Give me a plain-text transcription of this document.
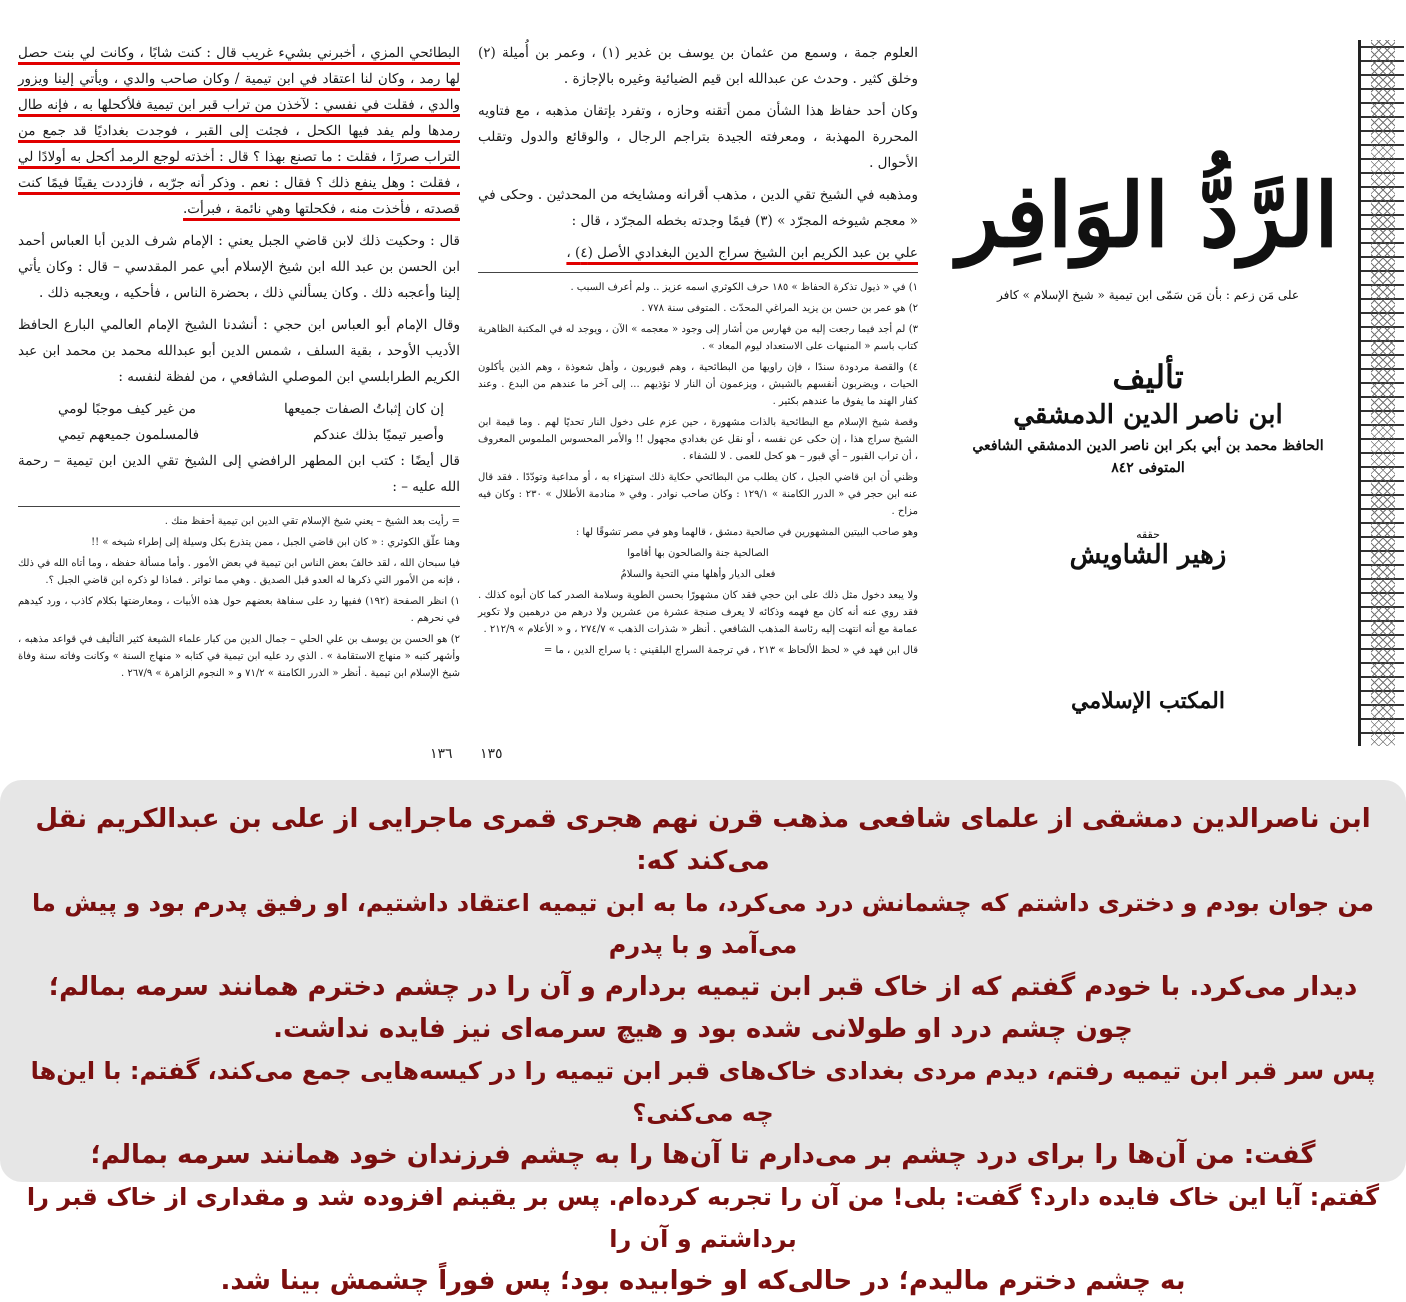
البطائحي المزي ، أخبرني بشيء غريب قال : كنت شابًا ، وكانت لي بنت حصل لها رمد ، وكان لنا اعتقاد في ابن تيمية / وكان صاحب والدي ، ويأتي إلينا ويزور والدي ، فقلت في نفسي : لآخذن من تراب قبر ابن تيمية فلأكحلها به ، فإنه طال رمدها ولم يفد فيها الكحل ، فجئت إلى القبر ، فوجدت بغداديًا قد جمع من التراب صررًا ، فقلت : ما تصنع بهذا ؟ قال : أخذته لوجع الرمد أكحل به أولادًا لي ، فقلت : وهل ينفع ذلك ؟ فقال : نعم . وذكر أنه جرّبه ، فازددت يقينًا فيمًا كنت قصدته ، فأخذت منه ، فكحلتها وهي نائمة ، فبرأت.

قال : وحكيت ذلك لابن قاضي الجبل يعني : الإمام شرف الدين أبا العباس أحمد ابن الحسن بن عبد الله ابن شيخ الإسلام أبي عمر المقدسي – قال : وكان يأتي إلينا وأعجبه ذلك . وكان يسألني ذلك ، بحضرة الناس ، فأحكيه ، ويعجبه ذلك .

وقال الإمام أبو العباس ابن حجي : أنشدنا الشيخ الإمام العالمي البارع الحافظ الأديب الأوحد ، بقية السلف ، شمس الدين أبو عبدالله محمد بن محمد ابن عبد الكريم الطرابلسي ابن الموصلي الشافعي ، من لفظة لنفسه :

إن كان إثباتُ الصفات جميعها
من غير كيف موجبًا لومي
وأصير تيميًا بذلك عندكم
فالمسلمون جميعهم تيمي

قال أيضًا : كتب ابن المطهر الرافضي إلى الشيخ تقي الدين ابن تيمية – رحمة الله عليه – :

= رأيت بعد الشيخ – يعني شيخ الإسلام تقي الدين ابن تيمية أحفظ منك .

وهنا علّق الكوثري : « كان ابن قاضي الجبل ، ممن يتذرع بكل وسيلة إلى إطراء شيخه » !!

فيا سبحان الله ، لقد خالفَ بعض الناس ابن تيمية في بعض الأمور . وأما مسألة حفظه ، وما أتاه الله في ذلك ، فإنه من الأمور التي ذكرها له العدو قبل الصديق . وهي مما تواتر . فماذا لو ذكره ابن قاضي الجبل ؟.

١) انظر الصفحة (١٩٢) ففيها رد على سفاهة بعضهم حول هذه الأبيات ، ومعارضتها بكلام كاذب ، ورد كيدهم في نحرهم .

٢) هو الحسن بن يوسف بن علي الحلي – جمال الدين من كبار علماء الشيعة كثير التأليف في قواعد مذهبه ، وأشهر كتبه « منهاج الاستقامة » . الذي رد عليه ابن تيمية في كتابه « منهاج السنة » وكانت وفاته سنة وفاة شيخ الإسلام ابن تيمية . أنظر « الدرر الكامنة » ٧١/٢ و « النجوم الزاهرة » ٢٦٧/٩ .

١٣٦

العلوم جمة ، وسمع من عثمان بن يوسف بن غدير (١) ، وعمر بن أُميلة (٢) وخلق كثير . وحدث عن عبدالله ابن قيم الضيائية وغيره بالإجازة .

وكان أحد حفاظ هذا الشأن ممن أتقنه وحازه ، وتفرد بإتقان مذهبه ، مع فتاويه المحررة المهذبة ، ومعرفته الجيدة بتراجم الرجال ، والوقائع والدول وتقلب الأحوال .

ومذهبه في الشيخ تقي الدين ، مذهب أقرانه ومشايخه من المحدثين . وحكى في « معجم شيوخه المجرّد » (٣) فيمًا وجدته بخطه المجرّد ، قال :

علي بن عبد الكريم ابن الشيخ سراج الدين البغدادي الأصل (٤) ،

١) في « ذيول تذكرة الحفاظ » ١٨٥ حرف الكوثري اسمه عزيز .. ولم أعرف السبب .

٢) هو عمر بن حسن بن يزيد المراغي المحدّث . المتوفى سنة ٧٧٨ .

٣) لم أجد فيما رجعت إليه من فهارس من أشار إلى وجود « معجمه » الآن ، ويوجد له في المكتبة الظاهرية كتاب باسم « المنبهات على الاستعداد ليوم المعاد » .

٤) والقصة مردودة سندًا ، فإن راويها من البطائحية ، وهم قبوريون ، وأهل شعوذة ، وهم الذين يأكلون الحيات ، ويضربون أنفسهم بالشيش ، ويزعمون أن النار لا تؤذيهم ... إلى آخر ما عندهم من البدع . وعند كفار الهند ما يفوق ما عندهم بكثير .

وقصة شيخ الإسلام مع البطائحية بالذات مشهورة ، حين عزم على دخول النار تحديًا لهم . وما قيمة ابن الشيخ سراج هذا ، إن حكى عن نفسه ، أو نقل عن بغدادي مجهول !! والأمر المحسوس الملموس المعروف ، أن تراب القبور – أي قبور – هو كحل للعمى . لا للشفاء .

وظني أن ابن قاضي الجبل ، كان يطلب من البطائحي حكاية ذلك استهزاء به ، أو مداعبة وتودّدًا . فقد قال عنه ابن حجر في « الدرر الكامنة » ١٢٩/١ : وكان صاحب نوادر . وفي « منادمة الأطلال » ٢٣٠ : وكان فيه مزاح .

وهو صاحب البيتين المشهورين في صالحية دمشق ، قالهما وهو في مصر تشوقًا لها :

الصالحية جنة والصالحون بها أقاموا

فعلى الديار وأهلها مني التحية والسلامُ

ولا يبعد دخول مثل ذلك على ابن حجي فقد كان مشهورًا بحسن الطوية وسلامة الصدر كما كان أبوه كذلك . فقد روي عنه أنه كان مع فهمه وذكائه لا يعرف صنجة عشرة من عشرين ولا درهم من درهمين ولا تكوير عمامة مع أنه انتهت إليه رئاسة المذهب الشافعي . أنظر « شذرات الذهب » ٢٧٤/٧ ، و « الأعلام » ٢١٢/٩ .

قال ابن فهد في « لحظ الألحاظ » ٢١٣ ، في ترجمة السراج البلقيني : يا سراج الدين ، ما =

١٣٥
الرَّدُّ الوَافِر
على مَن زعم : بأن مَن سَمّى ابن تيمية « شيخ الإسلام » كافر
تأليف
ابن ناصر الدين الدمشقي
الحافظ محمد بن أبي بكر ابن ناصر الدين الدمشقي الشافعي
المتوفى ٨٤٢
حققه
زهير الشاويش
المكتب الإسلامي

ابن ناصرالدین دمشقی از علمای شافعی مذهب قرن نهم هجری قمری ماجرایی از علی بن عبدالکریم نقل می‌کند که:

من جوان بودم و دختری داشتم که چشمانش درد می‌کرد، ما به ابن تیمیه اعتقاد داشتیم، او رفیق پدرم بود و پیش ما می‌آمد و با پدرم

دیدار می‌کرد. با خودم گفتم که از خاک قبر ابن تیمیه بردارم و آن را در چشم دخترم همانند سرمه بمالم؛

چون چشم درد او طولانی شده بود و هیچ سرمه‌ای نیز فایده نداشت.

پس سر قبر ابن تیمیه رفتم، دیدم مردی بغدادی خاک‌های قبر ابن تیمیه را در کیسه‌هایی جمع می‌کند، گفتم: با این‌ها چه می‌کنی؟

گفت: من آن‌ها را برای درد چشم بر می‌دارم تا آن‌ها را به چشم فرزندان خود همانند سرمه بمالم؛

گفتم: آیا این خاک فایده دارد؟ گفت: بلی! من آن را تجربه کرده‌ام. پس بر یقینم افزوده شد و مقداری از خاک قبر را برداشتم و آن را

به چشم دخترم مالیدم؛ در حالی‌که او خوابیده بود؛ پس فوراً چشمش بینا شد.
